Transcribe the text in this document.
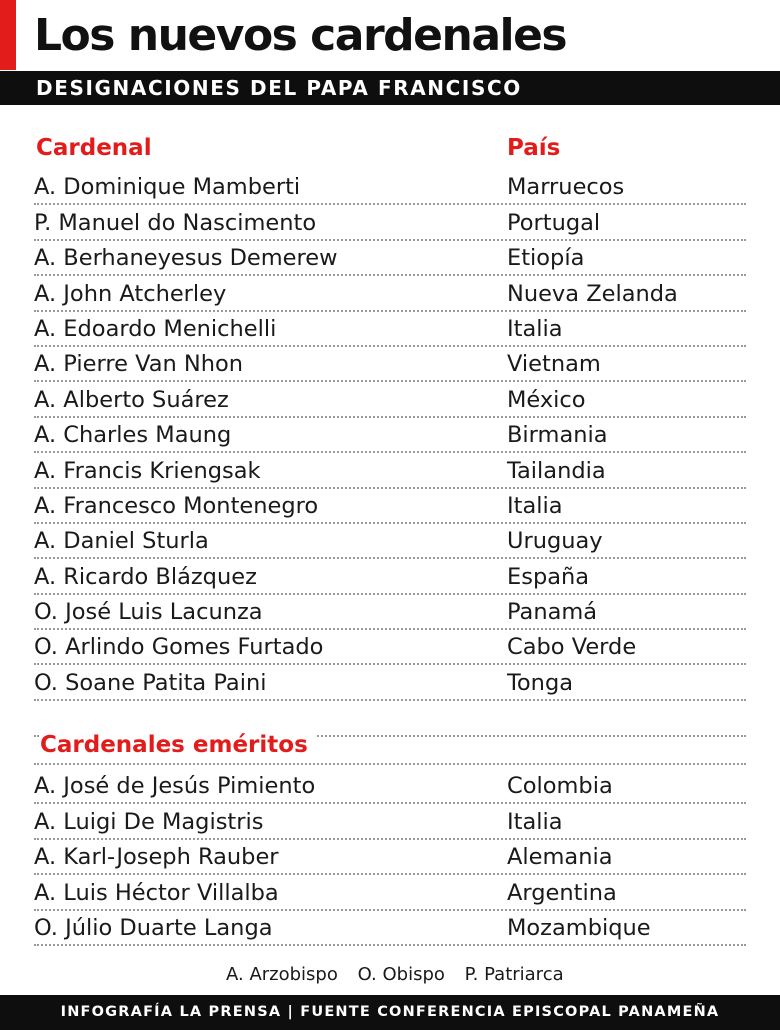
Los nuevos cardenales
DESIGNACIONES DEL PAPA FRANCISCO
Cardenal	País
A. Dominique Mamberti	Marruecos
P. Manuel do Nascimento	Portugal
A. Berhaneyesus Demerew	Etiopía
A. John Atcherley	Nueva Zelanda
A. Edoardo Menichelli	Italia
A. Pierre Van Nhon	Vietnam
A. Alberto Suárez	México
A. Charles Maung	Birmania
A. Francis Kriengsak	Tailandia
A. Francesco Montenegro	Italia
A. Daniel Sturla	Uruguay
A. Ricardo Blázquez	España
O. José Luis Lacunza	Panamá
O. Arlindo Gomes Furtado	Cabo Verde
O. Soane Patita Paini	Tonga
Cardenales eméritos
A. José de Jesús Pimiento	Colombia
A. Luigi De Magistris	Italia
A. Karl-Joseph Rauber	Alemania
A. Luis Héctor Villalba	Argentina
O. Júlio Duarte Langa	Mozambique
A. Arzobispo O. Obispo P. Patriarca
INFOGRAFÍA LA PRENSA | FUENTE CONFERENCIA EPISCOPAL PANAMEÑA
